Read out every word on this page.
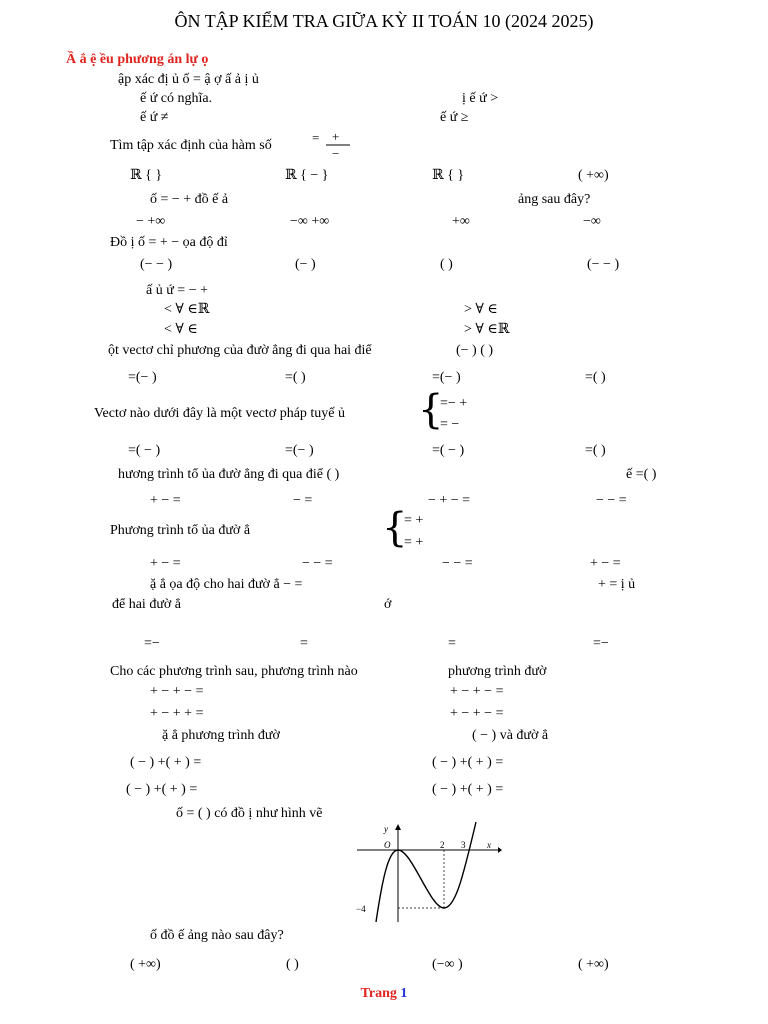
ÔN TẬP KIỂM TRA GIỮA KỲ II TOÁN 10 (2024 2025)
Ầ ắ ệ ều phương án lự ọ
ập xác đị ủ ố = ậ ợ ấ ả ị ủ
ế ứ có nghĩa.	ị ế ứ >
ế ứ ≠	ế ứ ≥
Tìm tập xác định của hàm số
= +
−
ℝ { }	ℝ { − }	ℝ { }	( +∞)
ố = − + đồ ế ả	ảng sau đây?
− +∞	−∞ +∞	+∞	−∞
Đồ ị ố = + − ọa độ đỉ
(− − )	(− )	( )	(− − )
ấ ủ ứ = − +
< ∀ ∈ℝ	> ∀ ∈
< ∀ ∈	> ∀ ∈ℝ
ột vectơ chỉ phương của đườ ẳng đi qua hai điể	(− ) ( )
=(− )	=( )	=(− )	=( )
Vectơ nào dưới đây là một vectơ pháp tuyế ủ {
=− +
= −
=( − )	=(− )	=( − )	=( )
hương trình tổ ủa đườ ẳng đi qua điể ( )	ế =( )
+ − =	− =	− + − =	− − =
Phương trình tổ ủa đườ ẳ	{
= +
= +
+ − =	− − =	− − =	+ − =
ặ ẳ ọa độ cho hai đườ ẳ − =	+ = ị ủ
để hai đườ ẳ	ớ
=−	=	=	=−
Cho các phương trình sau, phương trình nào	phương trình đườ
+ − + − =	+ − + − =
+ − + + =	+ − + − =
ặ ẳ phương trình đườ	( − ) và đườ ẳ
( − ) +( + ) =	( − ) +( + ) =
( − ) +( + ) =	( − ) +( + ) =
ố = ( ) có đồ ị như hình vẽ
y
x
O	2 3
−4
ố đồ ế ảng nào sau đây?
( +∞)	( )	(−∞ )	( +∞)
Trang 1
